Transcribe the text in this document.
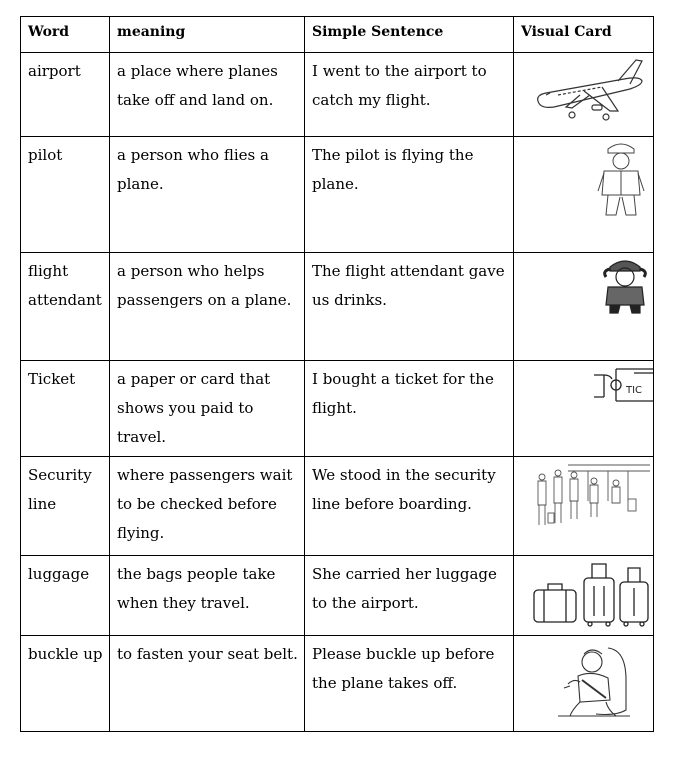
Word	meaning	Simple Sentence	Visual Card
airport	a place where planes take off and land on.	I went to the airport to catch my flight.	

pilot	a person who flies a plane.	The pilot is flying the plane.	

flight attendant	a person who helps passengers on a plane.	The flight attendant gave us drinks.	

Ticket	a paper or card that shows you paid to travel.	I bought a ticket for the flight.	TIC

Security line	where passengers wait to be checked before flying.	We stood in the security line before boarding.	

luggage	the bags people take when they travel.	She carried her luggage to the airport.	

buckle up	to fasten your seat belt.	Please buckle up before the plane takes off.	
